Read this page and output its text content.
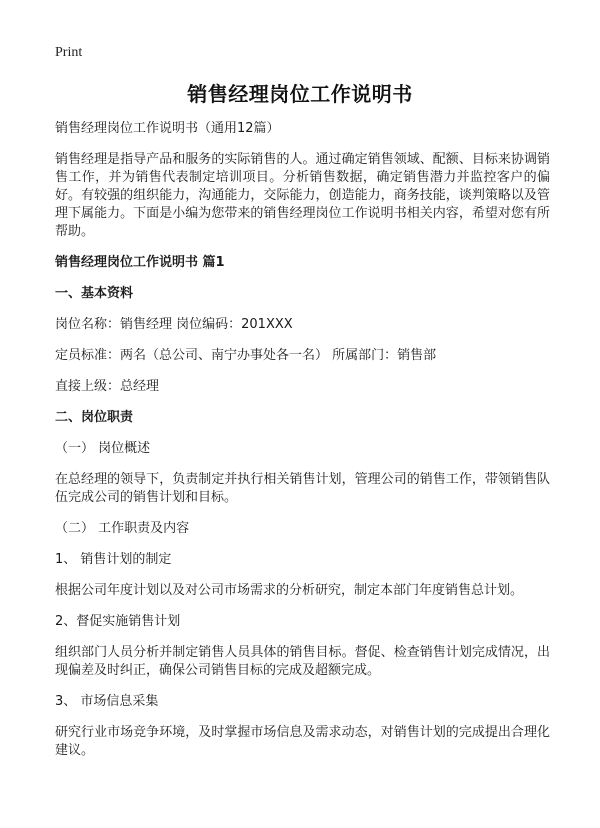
Print
销售经理岗位工作说明书

销售经理岗位工作说明书（通用12篇）

销售经理是指导产品和服务的实际销售的人。通过确定销售领域、配额、目标来协调销售工作，并为销售代表制定培训项目。分析销售数据，确定销售潜力并监控客户的偏好。有较强的组织能力，沟通能力，交际能力，创造能力，商务技能，谈判策略以及管理下属能力。下面是小编为您带来的销售经理岗位工作说明书相关内容，希望对您有所帮助。

销售经理岗位工作说明书 篇1

一、基本资料

岗位名称：销售经理 岗位编码：201XXX

定员标准：两名（总公司、南宁办事处各一名） 所属部门：销售部

直接上级：总经理

二、岗位职责

（一） 岗位概述

在总经理的领导下，负责制定并执行相关销售计划，管理公司的销售工作，带领销售队伍完成公司的销售计划和目标。

（二） 工作职责及内容

1、 销售计划的制定

根据公司年度计划以及对公司市场需求的分析研究，制定本部门年度销售总计划。

2、督促实施销售计划

组织部门人员分析并制定销售人员具体的销售目标。督促、检查销售计划完成情况，出现偏差及时纠正，确保公司销售目标的完成及超额完成。

3、 市场信息采集

研究行业市场竞争环境，及时掌握市场信息及需求动态，对销售计划的完成提出合理化建议。
